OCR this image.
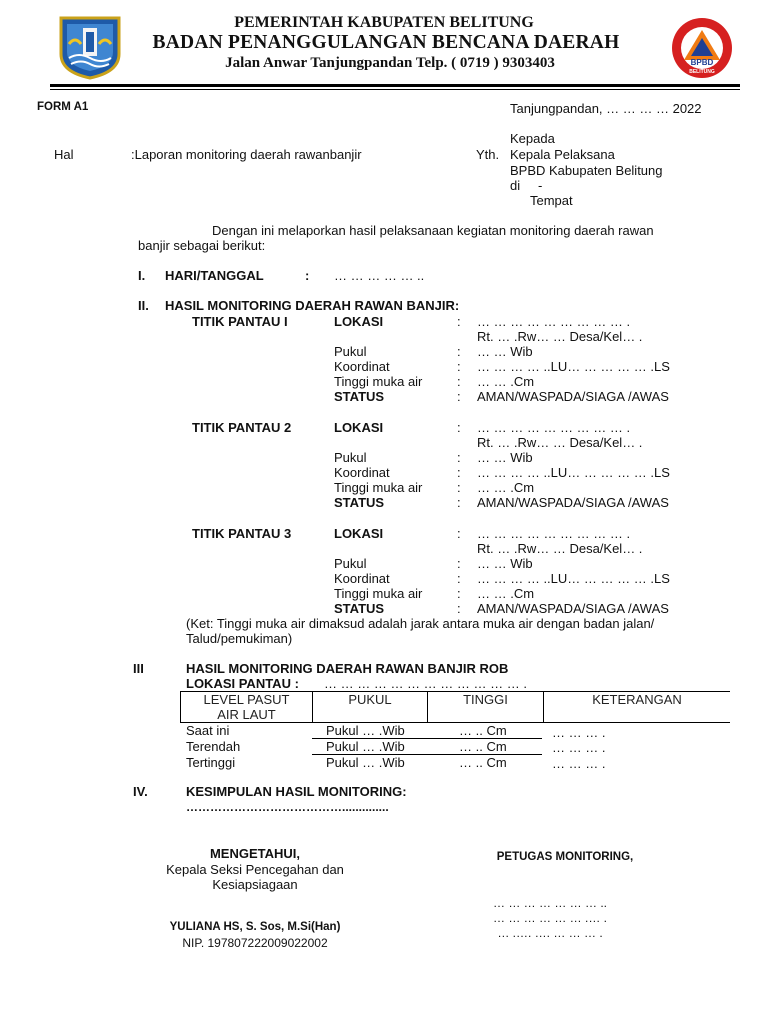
PEMERINTAH KABUPATEN BELITUNG
BADAN PENANGGULANGAN BENCANA DAERAH
Jalan Anwar Tanjungpandan Telp. ( 0719 ) 9303403	BPBD
BELITUNG
FORM A1	Tanjungpandan, … … … … 2022
Kepada
Hal	:Laporan monitoring daerah rawanbanjir	Yth. Kepala Pelaksana
BPBD Kabupaten Belitung
di -
Tempat
Dengan ini melaporkan hasil pelaksanaan kegiatan monitoring daerah rawan
banjir sebagai berikut:
I. HARI/TANGGAL	: … … … … … ..
II. HASIL MONITORING DAERAH RAWAN BANJIR:
TITIK PANTAU I	LOKASI	: … … … … … … … … … .
Rt. … .Rw… … Desa/Kel… .
Pukul	: … … Wib
Koordinat	: … … … … ..LU… … … … … .LS
Tinggi muka air	: … … .Cm
STATUS	: AMAN/WASPADA/SIAGA /AWAS
TITIK PANTAU 2	LOKASI	: … … … … … … … … … .
Rt. … .Rw… … Desa/Kel… .
Pukul	: … … Wib
Koordinat	: … … … … ..LU… … … … … .LS
Tinggi muka air	: … … .Cm
STATUS	: AMAN/WASPADA/SIAGA /AWAS
TITIK PANTAU 3	LOKASI	: … … … … … … … … … .
Rt. … .Rw… … Desa/Kel… .
Pukul	: … … Wib
Koordinat	: … … … … ..LU… … … … … .LS
Tinggi muka air	: … … .Cm
STATUS	: AMAN/WASPADA/SIAGA /AWAS
(Ket: Tinggi muka air dimaksud adalah jarak antara muka air dengan badan jalan/
Talud/pemukiman)
III	HASIL MONITORING DAERAH RAWAN BANJIR ROB
LOKASI PANTAU : … … … … … … … … … … … … .
LEVEL PASUT
AIR LAUT
PUKUL	TINGGI	KETERANGAN
Saat ini	Pukul … .Wib	… .. Cm	… … … .
Terendah	Pukul … .Wib	… .. Cm	… … … .
Tertinggi	Pukul … .Wib	… .. Cm	… … … .
IV.	KESIMPULAN HASIL MONITORING:
…………………………………..............
MENGETAHUI,
Kepala Seksi Pencegahan dan
Kesiapsiagaan
YULIANA HS, S. Sos, M.Si(Han)
NIP. 197807222009022002
PETUGAS MONITORING,
… … … … … … … ..
… … … … … … .… .
… .…. …. … … … .
